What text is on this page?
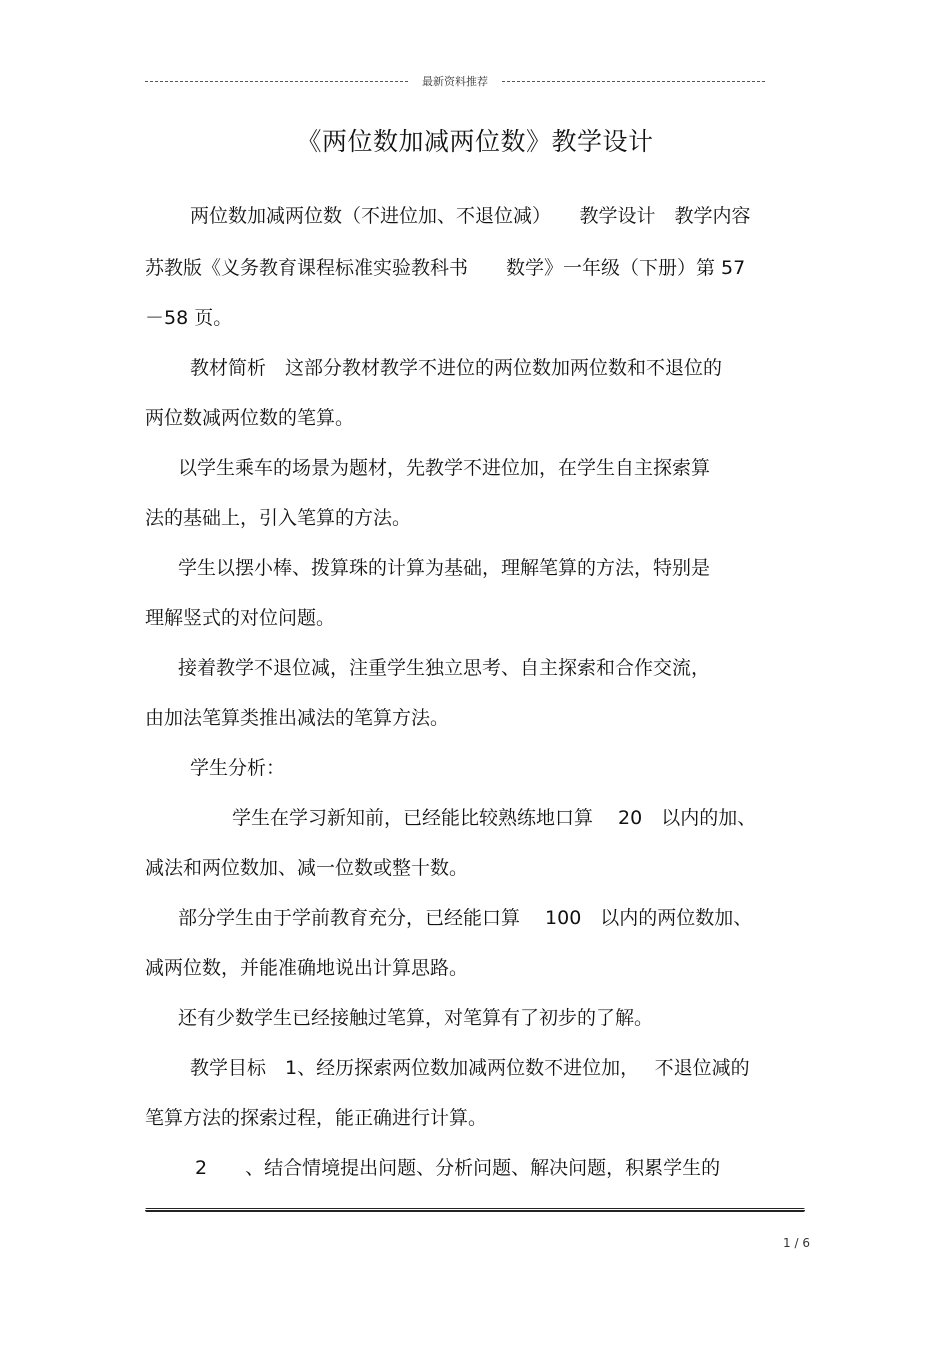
最新资料推荐
《两位数加减两位数》教学设计
两位数加减两位数（不进位加、不退位减）　　教学设计　教学内容
苏教版《义务教育课程标准实验教科书　　数学》一年级（下册）第 57
－58 页。
教材简析　这部分教材教学不进位的两位数加两位数和不退位的
两位数减两位数的笔算。
以学生乘车的场景为题材，先教学不进位加，在学生自主探索算
法的基础上，引入笔算的方法。
学生以摆小棒、拨算珠的计算为基础，理解笔算的方法，特别是
理解竖式的对位问题。
接着教学不退位减，注重学生独立思考、自主探索和合作交流，
由加法笔算类推出减法的笔算方法。
学生分析：
学生在学习新知前，已经能比较熟练地口算　 20　以内的加、
减法和两位数加、减一位数或整十数。
部分学生由于学前教育充分，已经能口算　 100　以内的两位数加、
减两位数，并能准确地说出计算思路。
还有少数学生已经接触过笔算，对笔算有了初步的了解。
教学目标　1、经历探索两位数加减两位数不进位加，　 不退位减的
笔算方法的探索过程，能正确进行计算。
2　　、结合情境提出问题、分析问题、解决问题，积累学生的
1 / 6
